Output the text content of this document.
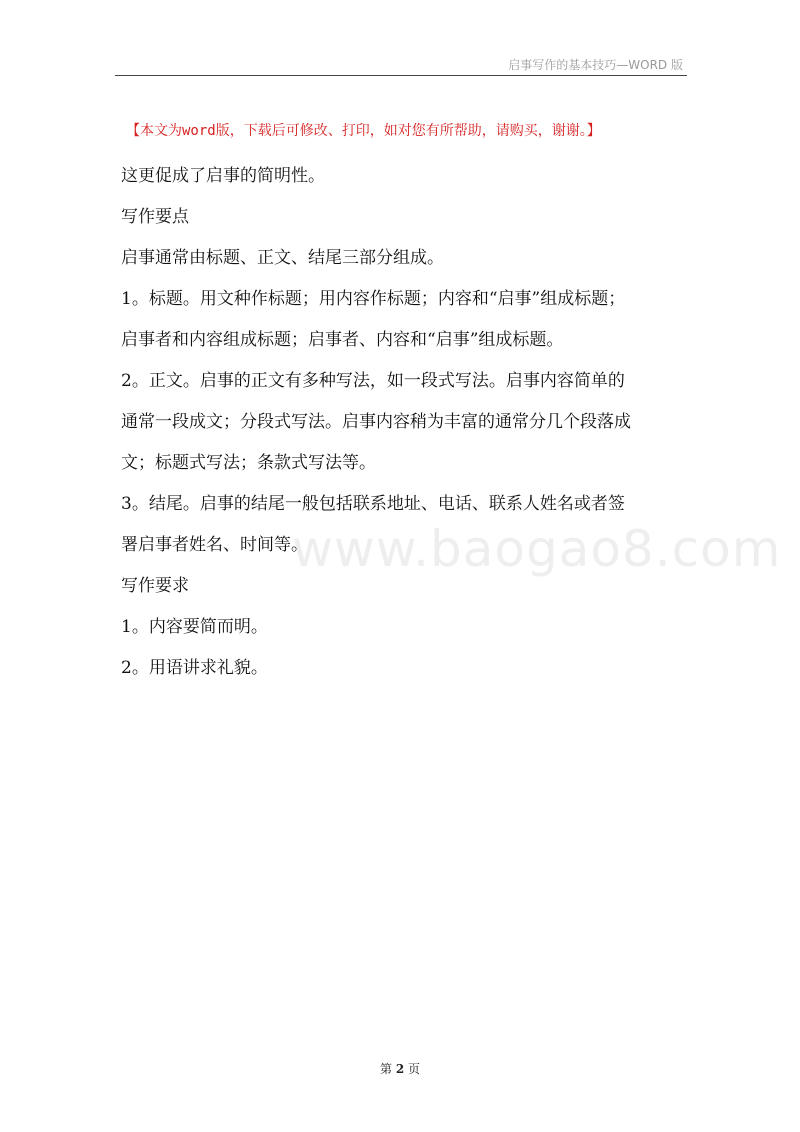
启事写作的基本技巧—WORD 版
【本文为word版，下载后可修改、打印，如对您有所帮助，请购买，谢谢。】
这更促成了启事的简明性。
写作要点
启事通常由标题、正文、结尾三部分组成。
1。标题。用文种作标题；用内容作标题；内容和“启事”组成标题；
启事者和内容组成标题；启事者、内容和“启事”组成标题。
2。正文。启事的正文有多种写法，如一段式写法。启事内容简单的
通常一段成文；分段式写法。启事内容稍为丰富的通常分几个段落成
文；标题式写法；条款式写法等。
3。结尾。启事的结尾一般包括联系地址、电话、联系人姓名或者签
署启事者姓名、时间等。
写作要求
1。内容要简而明。
2。用语讲求礼貌。
www.baogao8.com
第 2 页
